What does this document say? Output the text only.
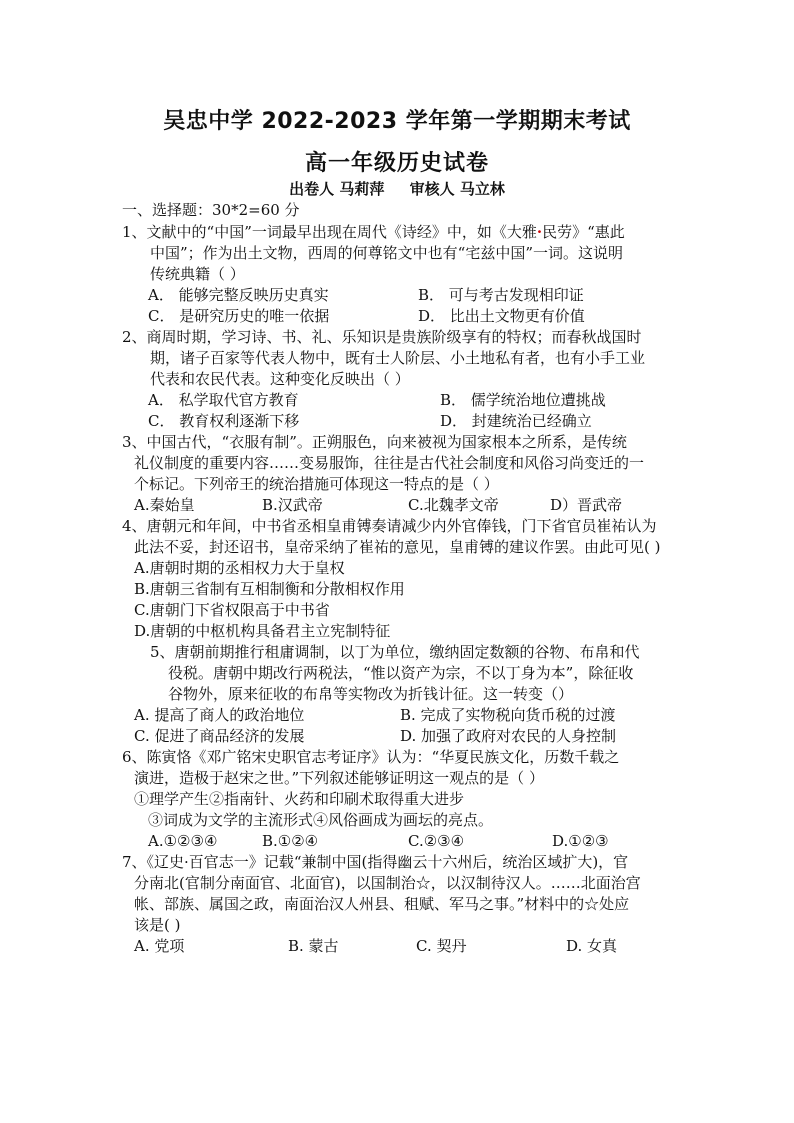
吴忠中学 2022-2023 学年第一学期期末考试
高一年级历史试卷
出卷人 马莉萍 审核人 马立林
一、选择题：30*2=60 分
1、文献中的“中国”一词最早出现在周代《诗经》中，如《大雅·民劳》“惠此
中国”；作为出土文物，西周的何尊铭文中也有“宅兹中国”一词。这说明
传统典籍（ ）
A． 能够完整反映历史真实	B． 可与考古发现相印证
C． 是研究历史的唯一依据	D． 比出土文物更有价值
2、商周时期，学习诗、书、礼、乐知识是贵族阶级享有的特权；而春秋战国时
期，诸子百家等代表人物中，既有士人阶层、小土地私有者，也有小手工业
代表和农民代表。这种变化反映出（ ）
A． 私学取代官方教育	B． 儒学统治地位遭挑战
C． 教育权利逐渐下移	D． 封建统治已经确立
3、中国古代，“衣服有制”。正朔服色，向来被视为国家根本之所系，是传统
礼仪制度的重要内容……变易服饰，往往是古代社会制度和风俗习尚变迁的一
个标记。下列帝王的统治措施可体现这一特点的是（ ）
A.秦始皇	B.汉武帝	C.北魏孝文帝	D）晋武帝
4、唐朝元和年间，中书省丞相皇甫镈奏请减少内外官俸钱，门下省官员崔祐认为
此法不妥，封还诏书，皇帝采纳了崔祐的意见，皇甫镈的建议作罢。由此可见( )
A.唐朝时期的丞相权力大于皇权
B.唐朝三省制有互相制衡和分散相权作用
C.唐朝门下省权限高于中书省
D.唐朝的中枢机构具备君主立宪制特征
5、唐朝前期推行租庸调制，以丁为单位，缴纳固定数额的谷物、布帛和代
役税。唐朝中期改行两税法，“惟以资产为宗，不以丁身为本”，除征收
谷物外，原来征收的布帛等实物改为折钱计征。这一转变（）
A. 提高了商人的政治地位	B. 完成了实物税向货币税的过渡
C. 促进了商品经济的发展	D. 加强了政府对农民的人身控制
6、陈寅恪《邓广铭宋史职官志考证序》认为：“华夏民族文化，历数千载之
演进，造极于赵宋之世。”下列叙述能够证明这一观点的是（ ）
①理学产生②指南针、火药和印刷术取得重大进步
③词成为文学的主流形式④风俗画成为画坛的亮点。
A.①②③④	B.①②④	C.②③④	D.①②③
7、《辽史·百官志一》记载“兼制中国(指得幽云十六州后，统治区域扩大)，官
分南北(官制分南面官、北面官)，以国制治☆，以汉制待汉人。……北面治宫
帐、部族、属国之政，南面治汉人州县、租赋、军马之事。”材料中的☆处应
该是( )
A. 党项	B. 蒙古	C. 契丹	D. 女真
